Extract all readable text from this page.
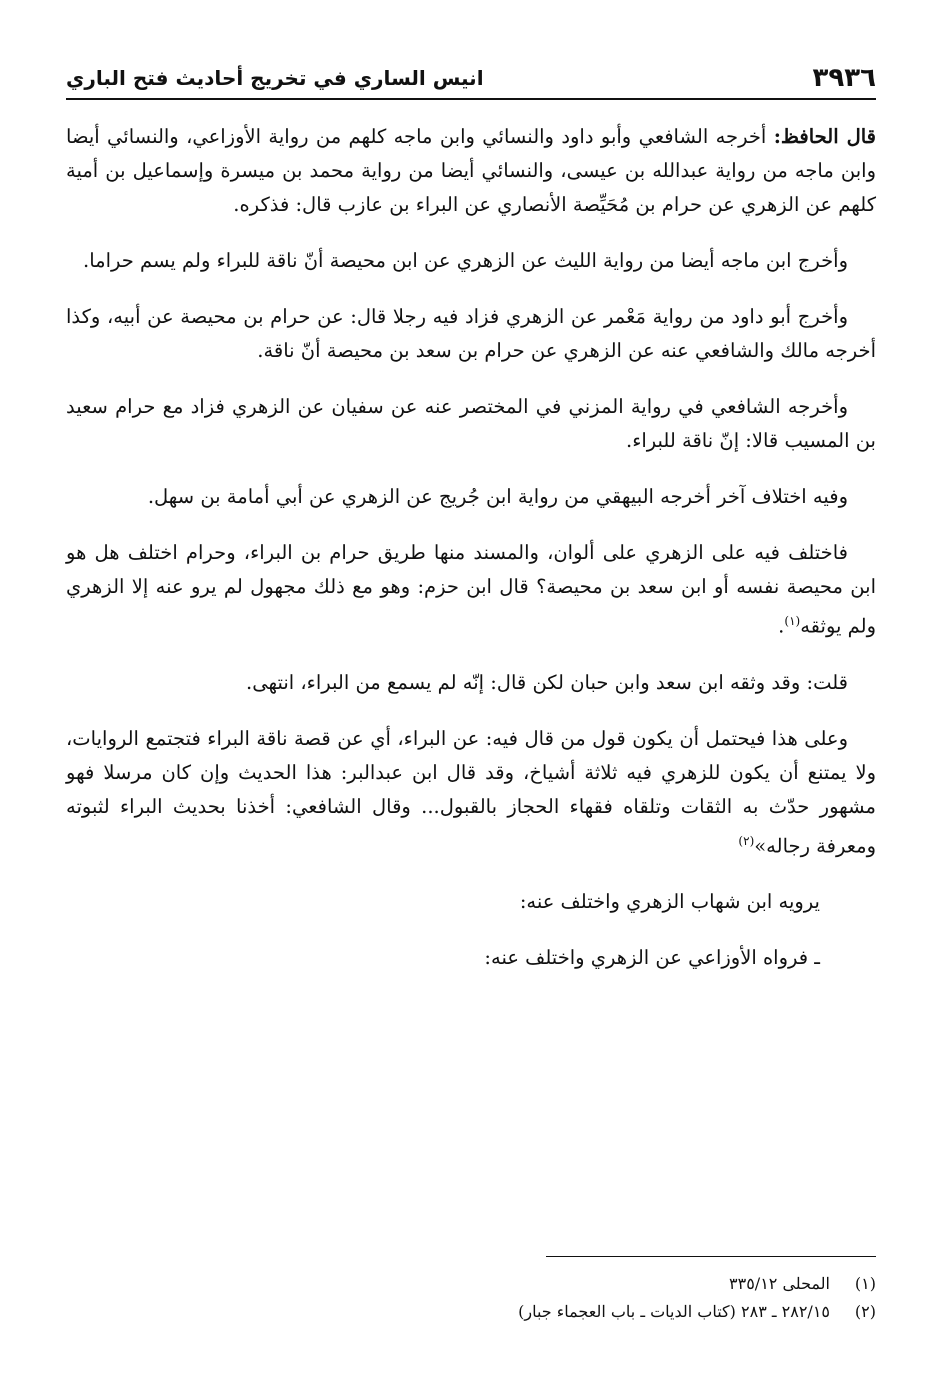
٣٩٣٦
انيس الساري في تخريج أحاديث فتح الباري

قال الحافظ: أخرجه الشافعي وأبو داود والنسائي وابن ماجه كلهم من رواية الأوزاعي، والنسائي أيضا وابن ماجه من رواية عبدالله بن عيسى، والنسائي أيضا من رواية محمد بن ميسرة وإسماعيل بن أمية كلهم عن الزهري عن حرام بن مُحَيِّصة الأنصاري عن البراء بن عازب قال: فذكره.

وأخرج ابن ماجه أيضا من رواية الليث عن الزهري عن ابن محيصة أنّ ناقة للبراء ولم يسم حراما.

وأخرج أبو داود من رواية مَعْمر عن الزهري فزاد فيه رجلا قال: عن حرام بن محيصة عن أبيه، وكذا أخرجه مالك والشافعي عنه عن الزهري عن حرام بن سعد بن محيصة أنّ ناقة.

وأخرجه الشافعي في رواية المزني في المختصر عنه عن سفيان عن الزهري فزاد مع حرام سعيد بن المسيب قالا: إنّ ناقة للبراء.

وفيه اختلاف آخر أخرجه البيهقي من رواية ابن جُريج عن الزهري عن أبي أمامة بن سهل.

فاختلف فيه على الزهري على ألوان، والمسند منها طريق حرام بن البراء، وحرام اختلف هل هو ابن محيصة نفسه أو ابن سعد بن محيصة؟ قال ابن حزم: وهو مع ذلك مجهول لم يرو عنه إلا الزهري ولم يوثقه$^{(١)}$.

قلت: وقد وثقه ابن سعد وابن حبان لكن قال: إنّه لم يسمع من البراء، انتهى.

وعلى هذا فيحتمل أن يكون قول من قال فيه: عن البراء، أي عن قصة ناقة البراء فتجتمع الروايات، ولا يمتنع أن يكون للزهري فيه ثلاثة أشياخ، وقد قال ابن عبدالبر: هذا الحديث وإن كان مرسلا فهو مشهور حدّث به الثقات وتلقاه فقهاء الحجاز بالقبول... وقال الشافعي: أخذنا بحديث البراء لثبوته ومعرفة رجاله»$^{(٢)}$

يرويه ابن شهاب الزهري واختلف عنه:

ـ فرواه الأوزاعي عن الزهري واختلف عنه:

(١)
المحلى ٣٣٥/١٢
(٢)
٢٨٢/١٥ ـ ٢٨٣ (كتاب الديات ـ باب العجماء جبار)
